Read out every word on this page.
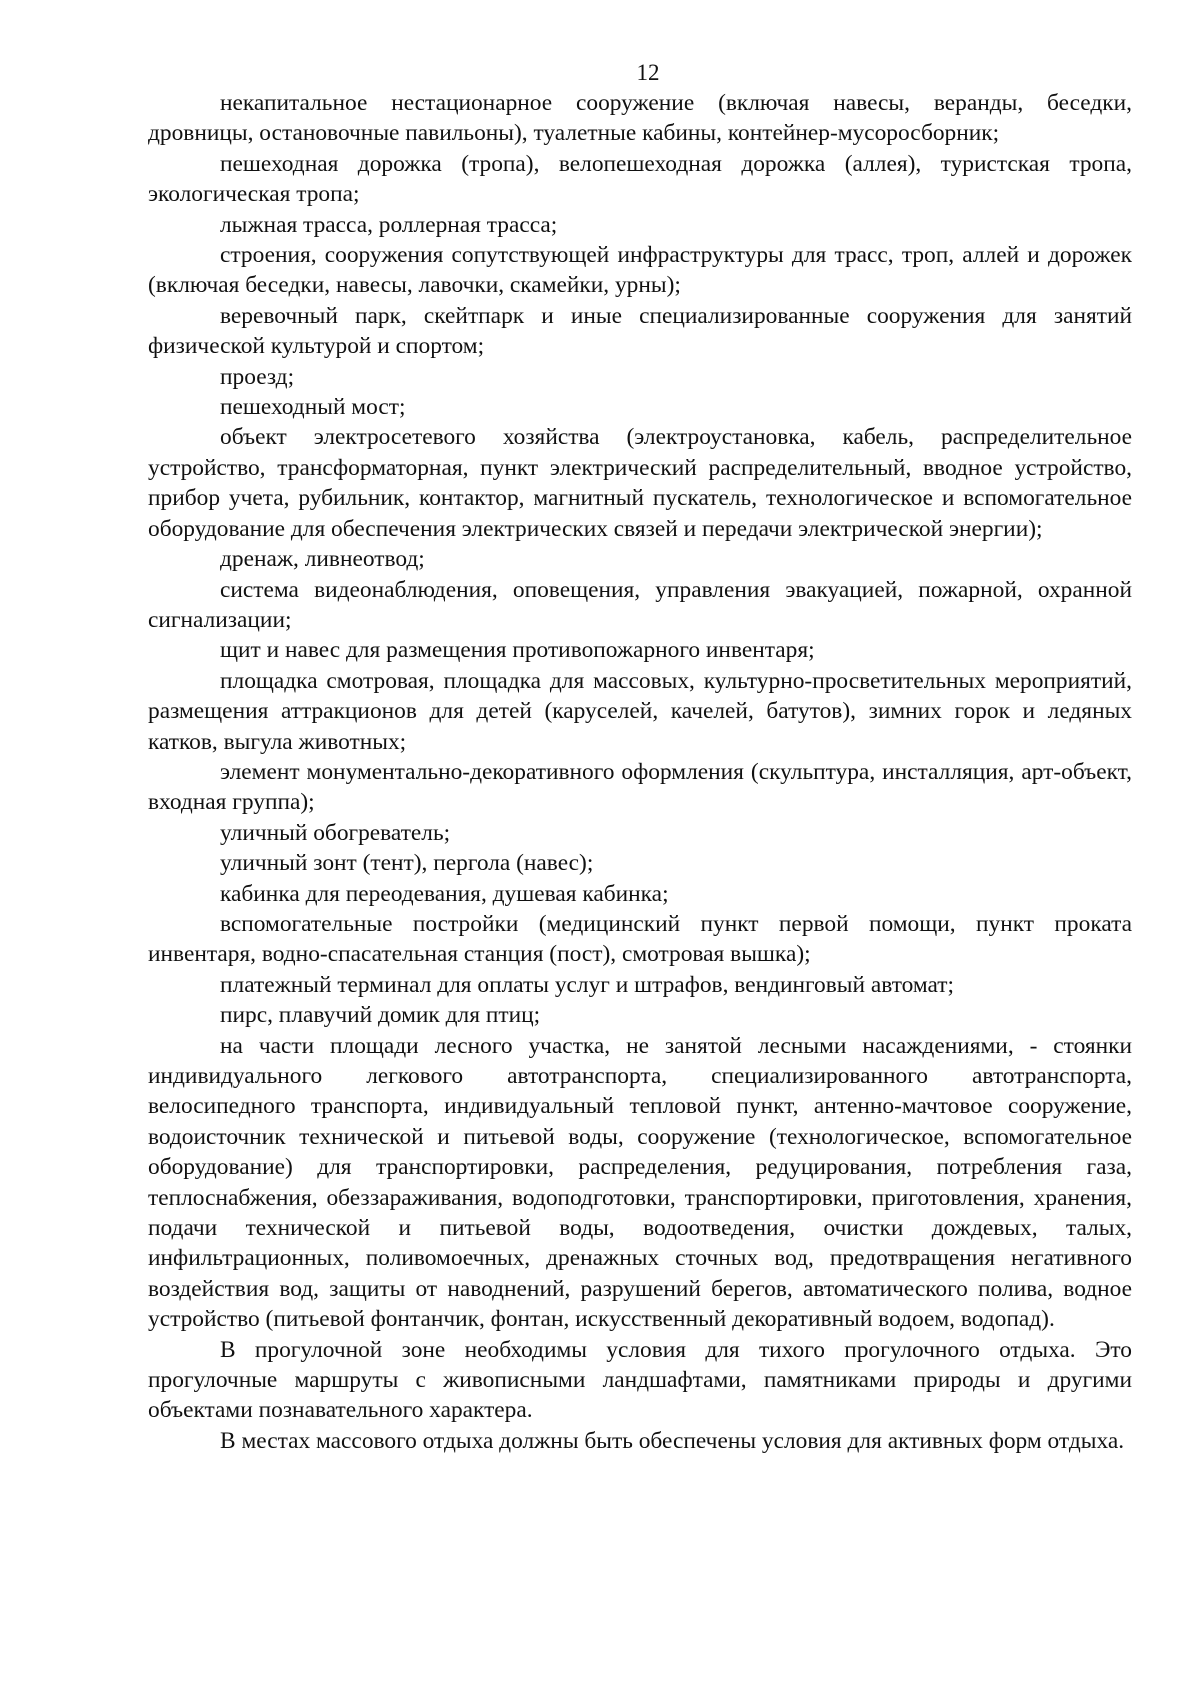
12

некапитальное нестационарное сооружение (включая навесы, веранды, беседки, дровницы, остановочные павильоны), туалетные кабины, контейнер-мусоросборник;

пешеходная дорожка (тропа), велопешеходная дорожка (аллея), туристская тропа, экологическая тропа;

лыжная трасса, роллерная трасса;

строения, сооружения сопутствующей инфраструктуры для трасс, троп, аллей и дорожек (включая беседки, навесы, лавочки, скамейки, урны);

веревочный парк, скейтпарк и иные специализированные сооружения для занятий физической культурой и спортом;

проезд;

пешеходный мост;

объект электросетевого хозяйства (электроустановка, кабель, распределительное устройство, трансформаторная, пункт электрический распределительный, вводное устройство, прибор учета, рубильник, контактор, магнитный пускатель, технологическое и вспомогательное оборудование для обеспечения электрических связей и передачи электрической энергии);

дренаж, ливнеотвод;

система видеонаблюдения, оповещения, управления эвакуацией, пожарной, охранной сигнализации;

щит и навес для размещения противопожарного инвентаря;

площадка смотровая, площадка для массовых, культурно-просветительных мероприятий, размещения аттракционов для детей (каруселей, качелей, батутов), зимних горок и ледяных катков, выгула животных;

элемент монументально-декоративного оформления (скульптура, инсталляция, арт-объект, входная группа);

уличный обогреватель;

уличный зонт (тент), пергола (навес);

кабинка для переодевания, душевая кабинка;

вспомогательные постройки (медицинский пункт первой помощи, пункт проката инвентаря, водно-спасательная станция (пост), смотровая вышка);

платежный терминал для оплаты услуг и штрафов, вендинговый автомат;

пирс, плавучий домик для птиц;

на части площади лесного участка, не занятой лесными насаждениями, - стоянки индивидуального легкового автотранспорта, специализированного автотранспорта, велосипедного транспорта, индивидуальный тепловой пункт, антенно-мачтовое сооружение, водоисточник технической и питьевой воды, сооружение (технологическое, вспомогательное оборудование) для транспортировки, распределения, редуцирования, потребления газа, теплоснабжения, обеззараживания, водоподготовки, транспортировки, приготовления, хранения, подачи технической и питьевой воды, водоотведения, очистки дождевых, талых, инфильтрационных, поливомоечных, дренажных сточных вод, предотвращения негативного воздействия вод, защиты от наводнений, разрушений берегов, автоматического полива, водное устройство (питьевой фонтанчик, фонтан, искусственный декоративный водоем, водопад).

В прогулочной зоне необходимы условия для тихого прогулочного отдыха. Это прогулочные маршруты с живописными ландшафтами, памятниками природы и другими объектами познавательного характера.

В местах массового отдыха должны быть обеспечены условия для активных форм отдыха.
